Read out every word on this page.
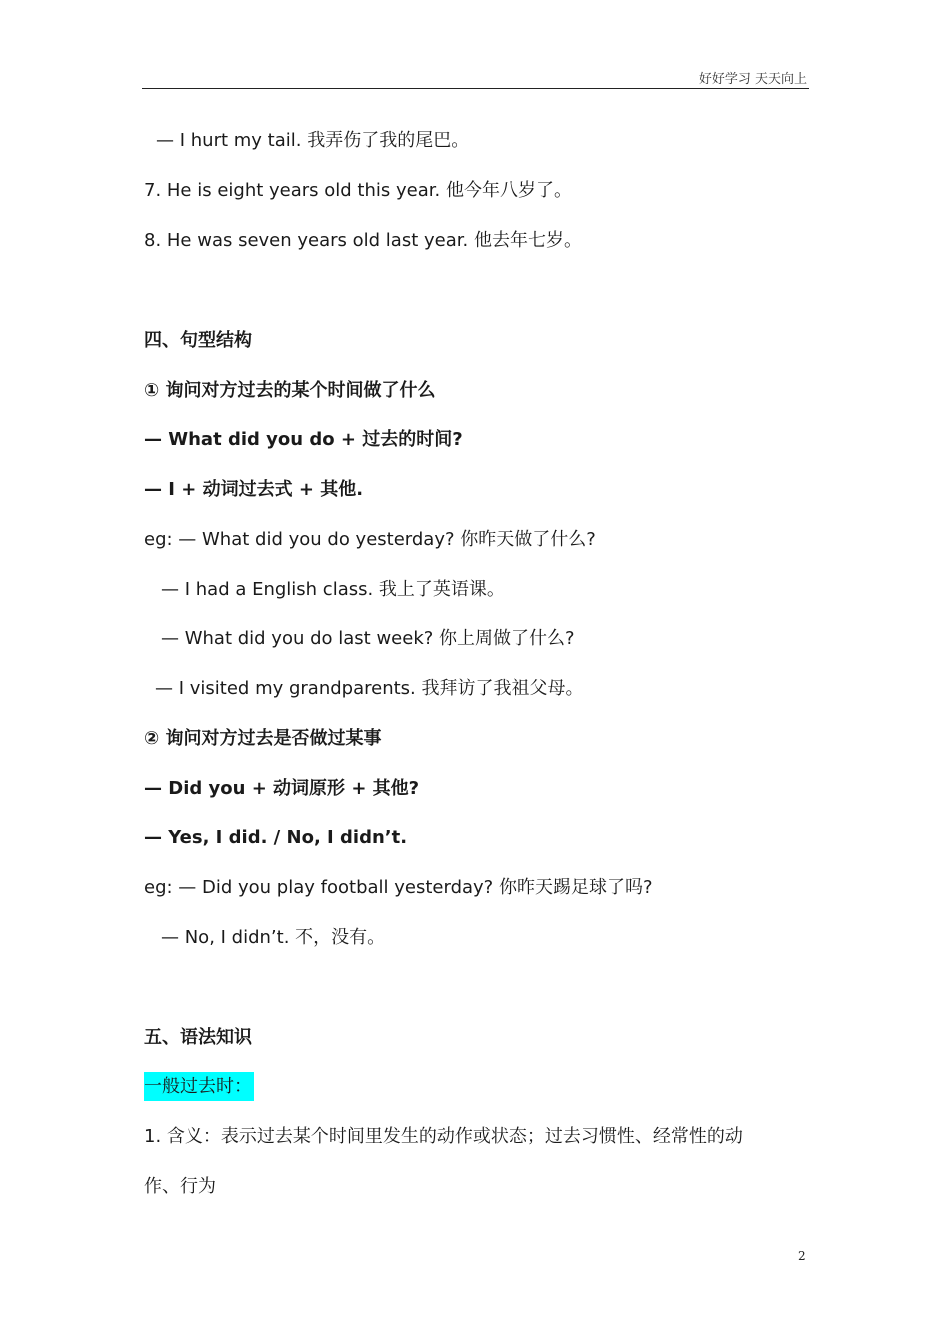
好好学习 天天向上
— I hurt my tail. 我弄伤了我的尾巴。
7. He is eight years old this year. 他今年八岁了。
8. He was seven years old last year. 他去年七岁。
四、句型结构
① 询问对方过去的某个时间做了什么
— What did you do + 过去的时间?
— I + 动词过去式 + 其他.
eg: — What did you do yesterday? 你昨天做了什么?
— I had a English class. 我上了英语课。
— What did you do last week? 你上周做了什么?
— I visited my grandparents. 我拜访了我祖父母。
② 询问对方过去是否做过某事
— Did you + 动词原形 + 其他?
— Yes, I did. / No, I didn’t.
eg: — Did you play football yesterday? 你昨天踢足球了吗?
— No, I didn’t. 不，没有。
五、语法知识
一般过去时：
1. 含义：表示过去某个时间里发生的动作或状态；过去习惯性、经常性的动
作、行为
2
